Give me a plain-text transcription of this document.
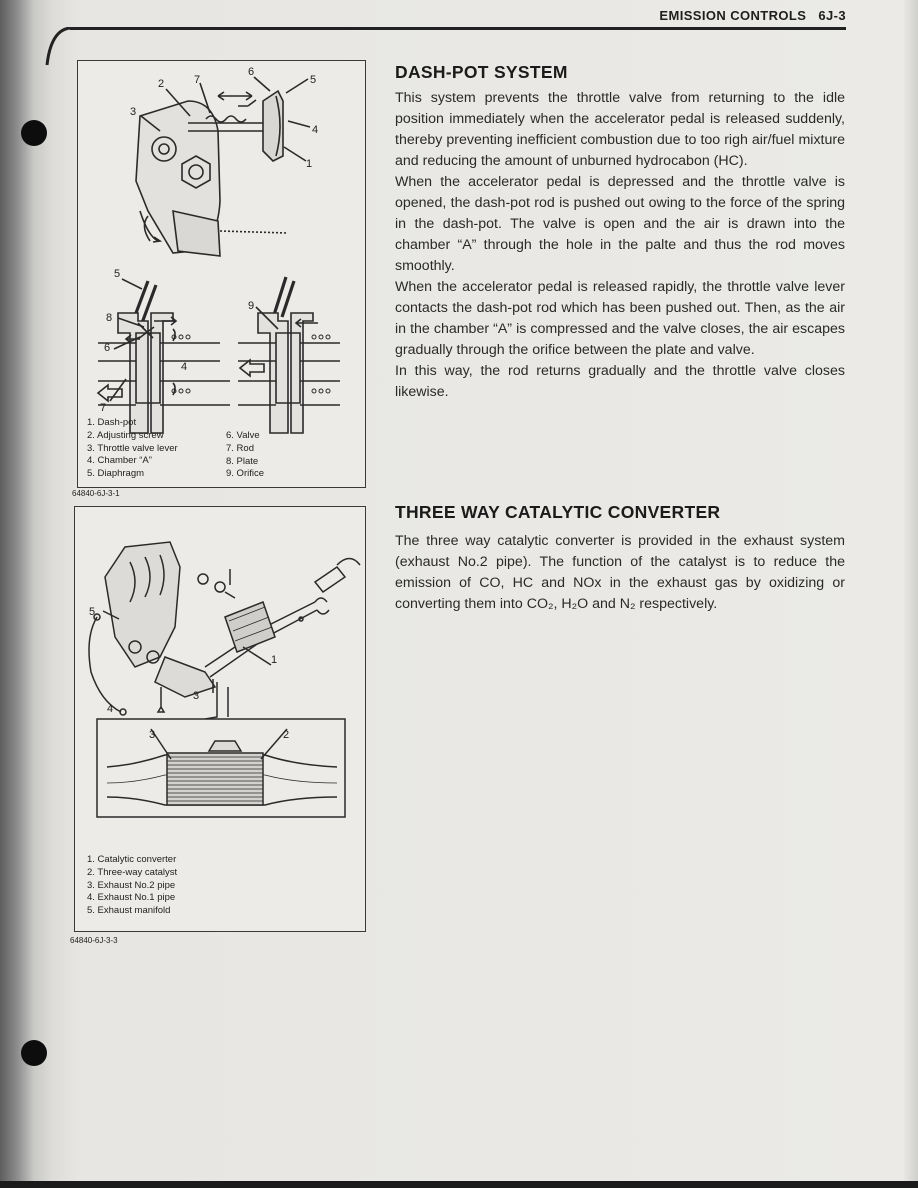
EMISSION CONTROLS   6J-3
2	7
6
5
3
4
1
5
8
9
6
4
7
1. Dash-pot
2. Adjusting screw
3. Throttle valve lever
4. Chamber “A”
5. Diaphragm
6. Valve
7. Rod
8. Plate
9. Orifice
64840-6J-3-1
5
1
3
4
3	2
1. Catalytic converter
2. Three-way catalyst
3. Exhaust No.2 pipe
4. Exhaust No.1 pipe
5. Exhaust manifold
64840-6J-3-3
DASH-POT SYSTEM

This system prevents the throttle valve from returning to the idle position immediately when the accelerator pedal is released suddenly, thereby preventing inefficient combustion due to too righ air/fuel mixture and reducing the amount of unburned hydrocabon (HC).

When the accelerator pedal is depressed and the throttle valve is opened, the dash-pot rod is pushed out owing to the force of the spring in the dash-pot. The valve is open and the air is drawn into the chamber “A” through the hole in the palte and thus the rod moves smoothly.

When the accelerator pedal is released rapidly, the throttle valve lever contacts the dash-pot rod which has been pushed out. Then, as the air in the chamber “A” is compressed and the valve closes, the air escapes gradually through the orifice between the plate and valve.

In this way, the rod returns gradually and the throttle valve closes likewise.

THREE WAY CATALYTIC CONVERTER

The three way catalytic converter is provided in the exhaust system (exhaust No.2 pipe). The function of the catalyst is to reduce the emission of CO, HC and NOx in the exhaust gas by oxidizing or converting them into CO₂, H₂O and N₂ respectively.
